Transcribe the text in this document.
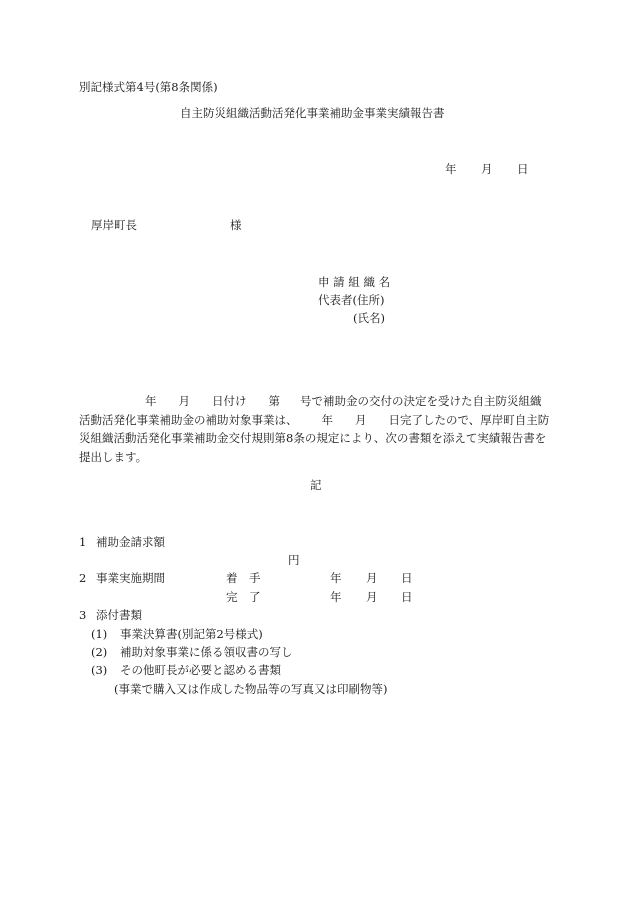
別記様式第4号(第8条関係)
自主防災組織活動活発化事業補助金事業実績報告書
年 月 日
厚岸町長	様
申 請 組 織 名
代表者(住所)
(氏名)
年 月 日付け 第 号で補助金の交付の決定を受けた自主防災組織活動活発化事業補助金の補助対象事業は、 年 月 日完了したので、厚岸町自主防災組織活動活発化事業補助金交付規則第8条の規定により、次の書類を添えて実績報告書を提出します。
記
1 補助金請求額
円
2 事業実施期間	着　手	年 月 日
完　了	年 月 日
3 添付書類
(1) 事業決算書(別記第2号様式)
(2) 補助対象事業に係る領収書の写し
(3) その他町長が必要と認める書類
(事業で購入又は作成した物品等の写真又は印刷物等)
